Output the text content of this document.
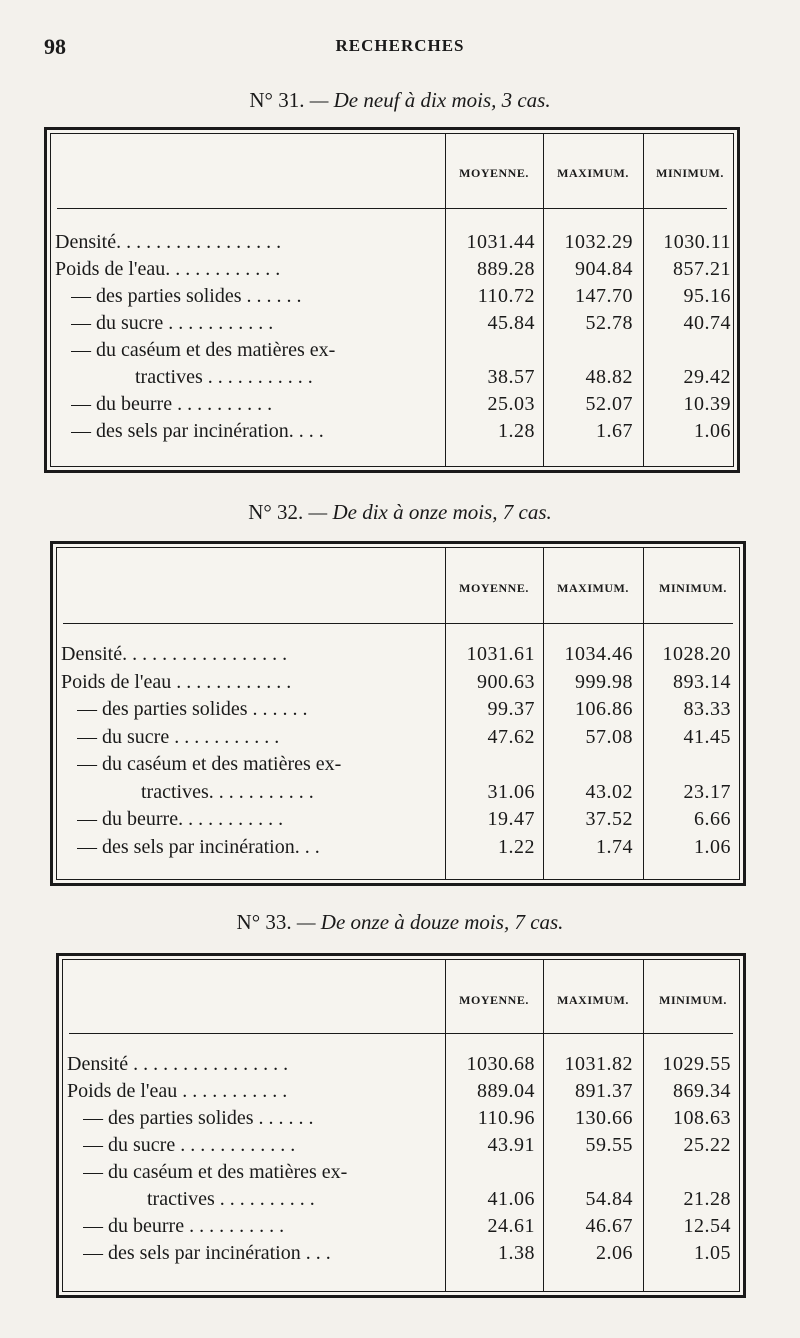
98	RECHERCHES
N° 31. — De neuf à dix mois, 3 cas.
MOYENNE.	MAXIMUM.	MINIMUM.
Densité. . . . . . . . . . . . . . . . .	1031.44 1032.29 1030.11
Poids de l'eau. . . . . . . . . . . .	889.28 904.84 857.21
— des parties solides . . . . . .	110.72 147.70	95.16
— du sucre . . . . . . . . . . .	45.84	52.78	40.74
— du caséum et des matières ex-
tractives . . . . . . . . . . .	38.57	48.82	29.42
— du beurre . . . . . . . . . .	25.03	52.07	10.39
— des sels par incinération. . . .	1.28	1.67	1.06
N° 32. — De dix à onze mois, 7 cas.
MOYENNE.	MAXIMUM.	MINIMUM.
Densité. . . . . . . . . . . . . . . . .	1031.61 1034.46 1028.20
Poids de l'eau . . . . . . . . . . . .	900.63 999.98 893.14
— des parties solides . . . . . .	99.37 106.86	83.33
— du sucre . . . . . . . . . . .	47.62	57.08	41.45
— du caséum et des matières ex-
tractives. . . . . . . . . . .	31.06	43.02	23.17
— du beurre. . . . . . . . . . .	19.47	37.52	6.66
— des sels par incinération. . .	1.22	1.74	1.06
N° 33. — De onze à douze mois, 7 cas.
MOYENNE.	MAXIMUM.	MINIMUM.
Densité . . . . . . . . . . . . . . . .	1030.68 1031.82 1029.55
Poids de l'eau . . . . . . . . . . .	889.04 891.37 869.34
— des parties solides . . . . . .	110.96 130.66 108.63
— du sucre . . . . . . . . . . . .	43.91	59.55	25.22
— du caséum et des matières ex-
tractives . . . . . . . . . .	41.06	54.84	21.28
— du beurre . . . . . . . . . .	24.61	46.67	12.54
— des sels par incinération . . .	1.38	2.06	1.05
